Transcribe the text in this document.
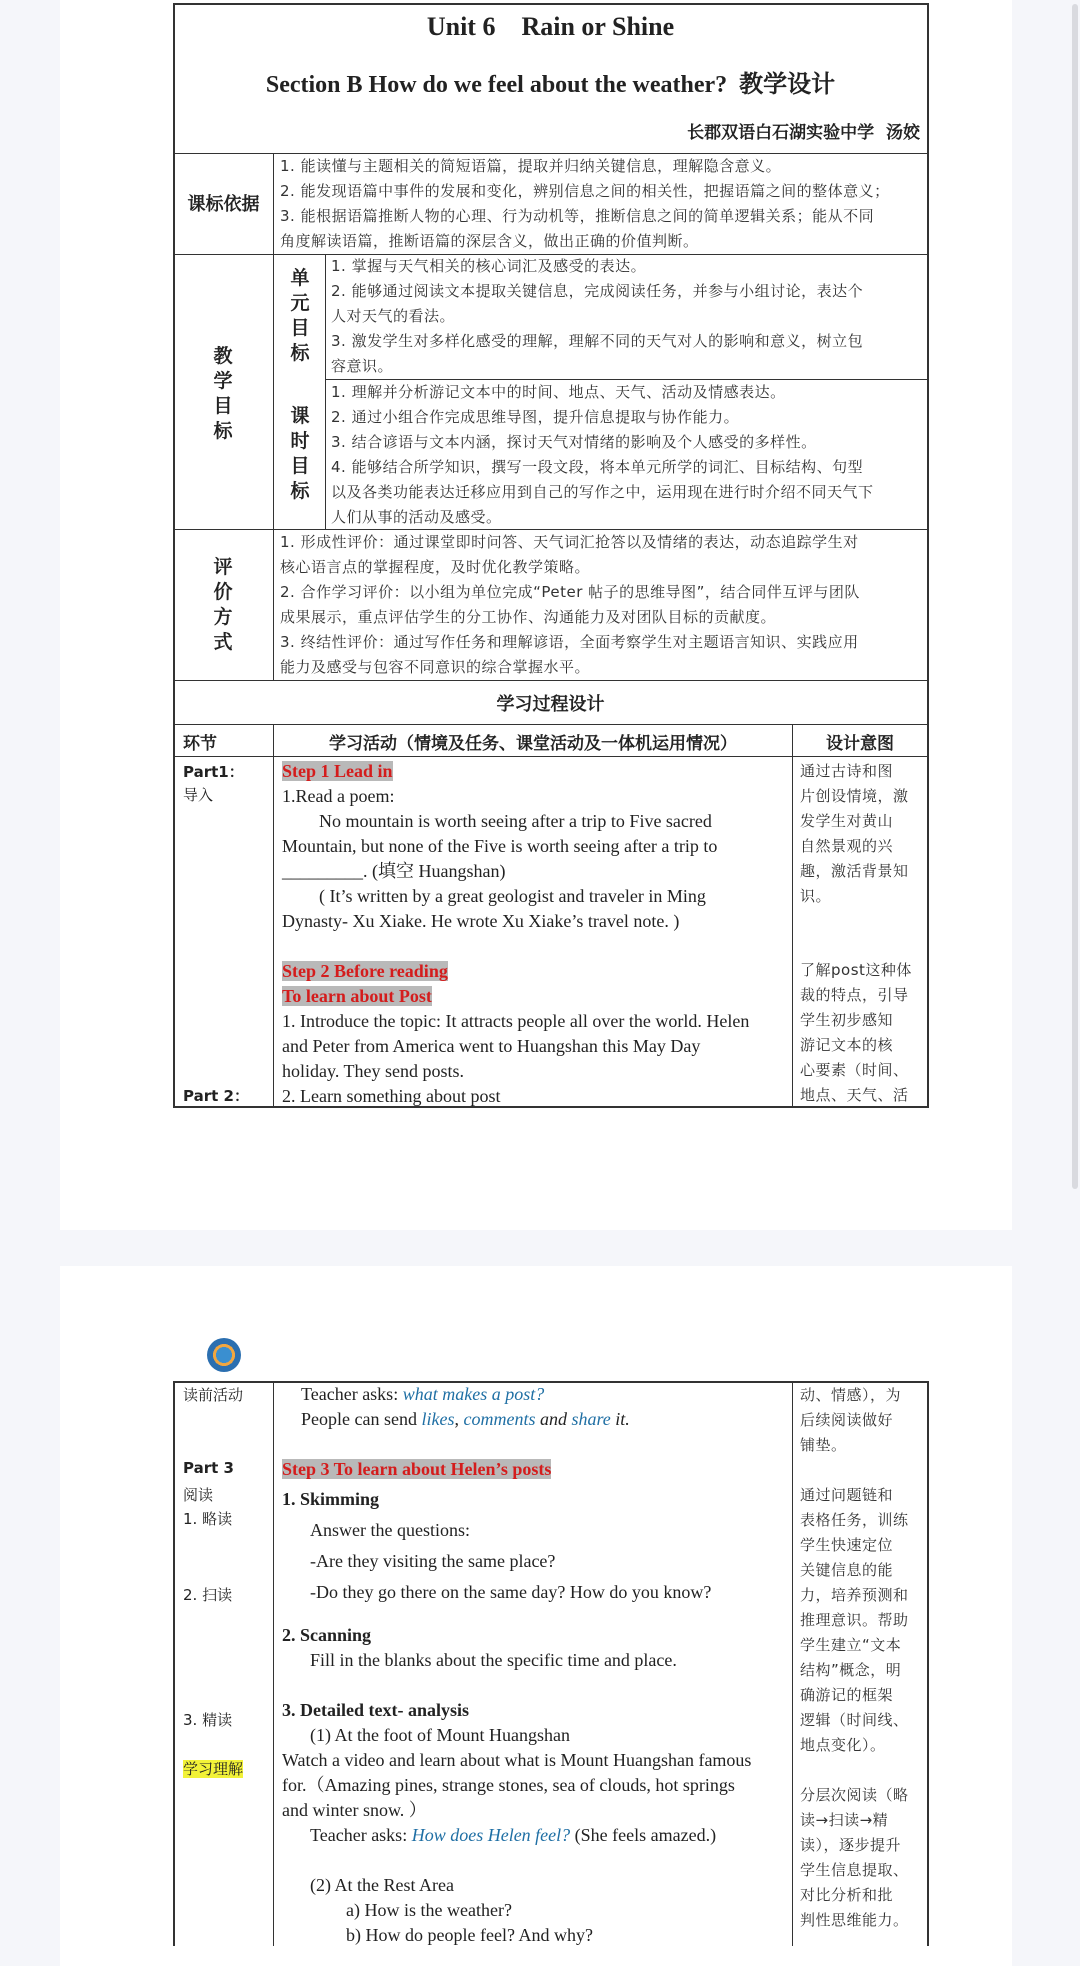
Unit 6    Rain or Shine
Section B How do we feel about the weather?  教学设计
长郡双语白石湖实验中学  汤姣
课标依据
1. 能读懂与主题相关的简短语篇，提取并归纳关键信息，理解隐含意义。
2. 能发现语篇中事件的发展和变化，辨别信息之间的相关性，把握语篇之间的整体意义；
3. 能根据语篇推断人物的心理、行为动机等，推断信息之间的简单逻辑关系；能从不同
角度解读语篇，推断语篇的深层含义，做出正确的价值判断。
教学目标
单元目标
1. 掌握与天气相关的核心词汇及感受的表达。
2. 能够通过阅读文本提取关键信息，完成阅读任务，并参与小组讨论，表达个
人对天气的看法。
3. 激发学生对多样化感受的理解，理解不同的天气对人的影响和意义，树立包
容意识。
课时目标
1. 理解并分析游记文本中的时间、地点、天气、活动及情感表达。
2. 通过小组合作完成思维导图，提升信息提取与协作能力。
3. 结合谚语与文本内涵，探讨天气对情绪的影响及个人感受的多样性。
4. 能够结合所学知识，撰写一段文段，将本单元所学的词汇、目标结构、句型
以及各类功能表达迁移应用到自己的写作之中，运用现在进行时介绍不同天气下
人们从事的活动及感受。
评价方式
1. 形成性评价：通过课堂即时问答、天气词汇抢答以及情绪的表达，动态追踪学生对
核心语言点的掌握程度，及时优化教学策略。
2. 合作学习评价：以小组为单位完成“Peter 帖子的思维导图”，结合同伴互评与团队
成果展示，重点评估学生的分工协作、沟通能力及对团队目标的贡献度。
3. 终结性评价：通过写作任务和理解谚语，全面考察学生对主题语言知识、实践应用
能力及感受与包容不同意识的综合掌握水平。
学习过程设计
环节	学习活动（情境及任务、课堂活动及一体机运用情况）	设计意图
Part1：
导入
Part 2：
Step 1 Lead in
1.Read a poem:
No mountain is worth seeing after a trip to Five sacred
Mountain, but none of the Five is worth seeing after a trip to
_________. (填空 Huangshan)
( It’s written by a great geologist and traveler in Ming
Dynasty- Xu Xiake. He wrote Xu Xiake’s travel note. )
Step 2 Before reading
To learn about Post
1. Introduce the topic: It attracts people all over the world. Helen
and Peter from America went to Huangshan this May Day
holiday. They send posts.
2. Learn something about post
通过古诗和图
片创设情境，激
发学生对黄山
自然景观的兴
趣，激活背景知
识。
了解post这种体
裁的特点，引导
学生初步感知
游记文本的核
心要素（时间、
地点、天气、活
读前活动
Part 3
阅读
1. 略读
2. 扫读
3. 精读
学习理解
Teacher asks: what makes a post?
People can send likes, comments and share it.
Step 3 To learn about Helen’s posts
1. Skimming
Answer the questions:
-Are they visiting the same place?
-Do they go there on the same day? How do you know?
2. Scanning
Fill in the blanks about the specific time and place.
3. Detailed text- analysis
(1) At the foot of Mount Huangshan
Watch a video and learn about what is Mount Huangshan famous
for.（Amazing pines, strange stones, sea of clouds, hot springs
and winter snow. ）
Teacher asks: How does Helen feel? (She feels amazed.)
(2) At the Rest Area
a) How is the weather?
b) How do people feel? And why?
动、情感），为
后续阅读做好
铺垫。
通过问题链和
表格任务，训练
学生快速定位
关键信息的能
力，培养预测和
推理意识。帮助
学生建立“文本
结构”概念，明
确游记的框架
逻辑（时间线、
地点变化）。
分层次阅读（略
读→扫读→精
读），逐步提升
学生信息提取、
对比分析和批
判性思维能力。
